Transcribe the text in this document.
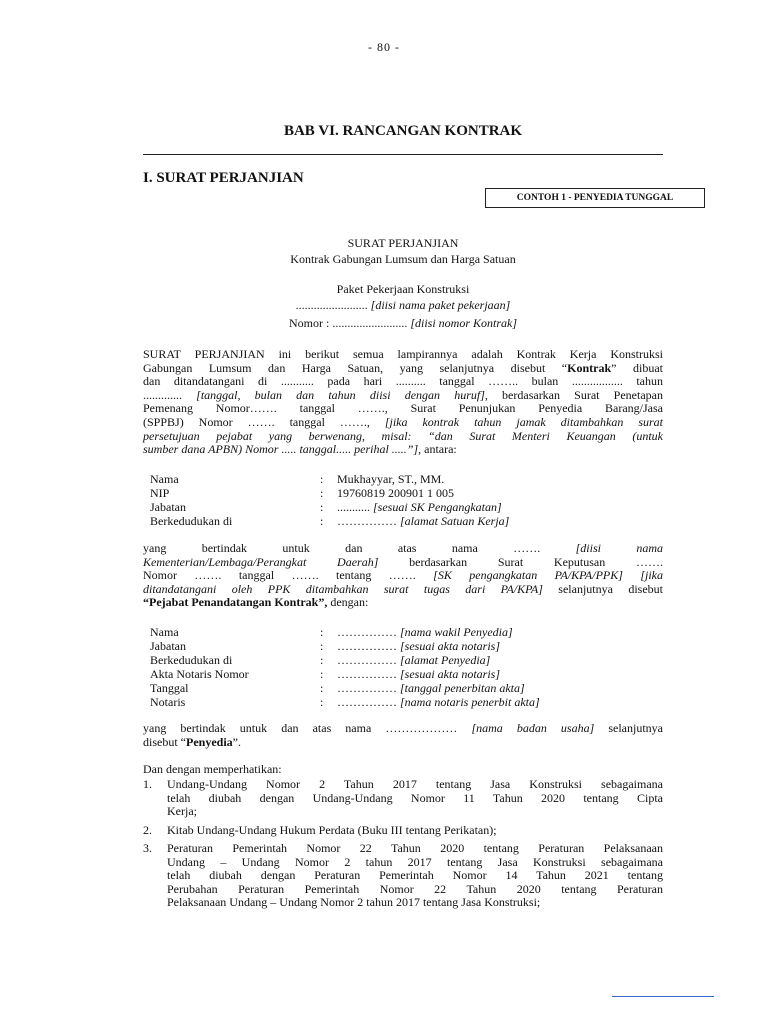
- 80 -
BAB VI. RANCANGAN KONTRAK
I. SURAT PERJANJIAN
CONTOH 1 - PENYEDIA TUNGGAL
SURAT PERJANJIAN
Kontrak Gabungan Lumsum dan Harga Satuan
Paket Pekerjaan Konstruksi
........................ [diisi nama paket pekerjaan]
Nomor : ......................... [diisi nomor Kontrak]
SURAT PERJANJIAN ini berikut semua lampirannya adalah Kontrak Kerja Konstruksi
Gabungan Lumsum dan Harga Satuan, yang selanjutnya disebut “Kontrak” dibuat
dan ditandatangani di ........... pada hari .......... tanggal …….. bulan ................. tahun
............. [tanggal, bulan dan tahun diisi dengan huruf], berdasarkan Surat Penetapan
Pemenang Nomor……. tanggal ……., Surat Penunjukan Penyedia Barang/Jasa
(SPPBJ) Nomor ……. tanggal ……., [jika kontrak tahun jamak ditambahkan surat
persetujuan pejabat yang berwenang, misal: “dan Surat Menteri Keuangan (untuk
sumber dana APBN) Nomor ..... tanggal..... perihal .....”], antara:
Nama	: Mukhayyar, ST., MM.
NIP	: 19760819 200901 1 005
Jabatan	: ........... [sesuai SK Pengangkatan]
Berkedudukan di	: …………… [alamat Satuan Kerja]
yang bertindak untuk dan atas nama ……. [diisi nama
Kementerian/Lembaga/Perangkat Daerah] berdasarkan Surat Keputusan …….
Nomor ……. tanggal ……. tentang ……. [SK pengangkatan PA/KPA/PPK] [jika
ditandatangani oleh PPK ditambahkan surat tugas dari PA/KPA] selanjutnya disebut
“Pejabat Penandatangan Kontrak”, dengan:
Nama	: …………… [nama wakil Penyedia]
Jabatan	: …………… [sesuai akta notaris]
Berkedudukan di	: …………… [alamat Penyedia]
Akta Notaris Nomor	: …………… [sesuai akta notaris]
Tanggal	: …………… [tanggal penerbitan akta]
Notaris	: …………… [nama notaris penerbit akta]
yang bertindak untuk dan atas nama ……………… [nama badan usaha] selanjutnya
disebut “Penyedia”.
Dan dengan memperhatikan:
1. Undang-Undang Nomor 2 Tahun 2017 tentang Jasa Konstruksi sebagaimana
telah diubah dengan Undang-Undang Nomor 11 Tahun 2020 tentang Cipta
Kerja;
2. Kitab Undang-Undang Hukum Perdata (Buku III tentang Perikatan);
3. Peraturan Pemerintah Nomor 22 Tahun 2020 tentang Peraturan Pelaksanaan
Undang – Undang Nomor 2 tahun 2017 tentang Jasa Konstruksi sebagaimana
telah diubah dengan Peraturan Pemerintah Nomor 14 Tahun 2021 tentang
Perubahan Peraturan Pemerintah Nomor 22 Tahun 2020 tentang Peraturan
Pelaksanaan Undang – Undang Nomor 2 tahun 2017 tentang Jasa Konstruksi;
